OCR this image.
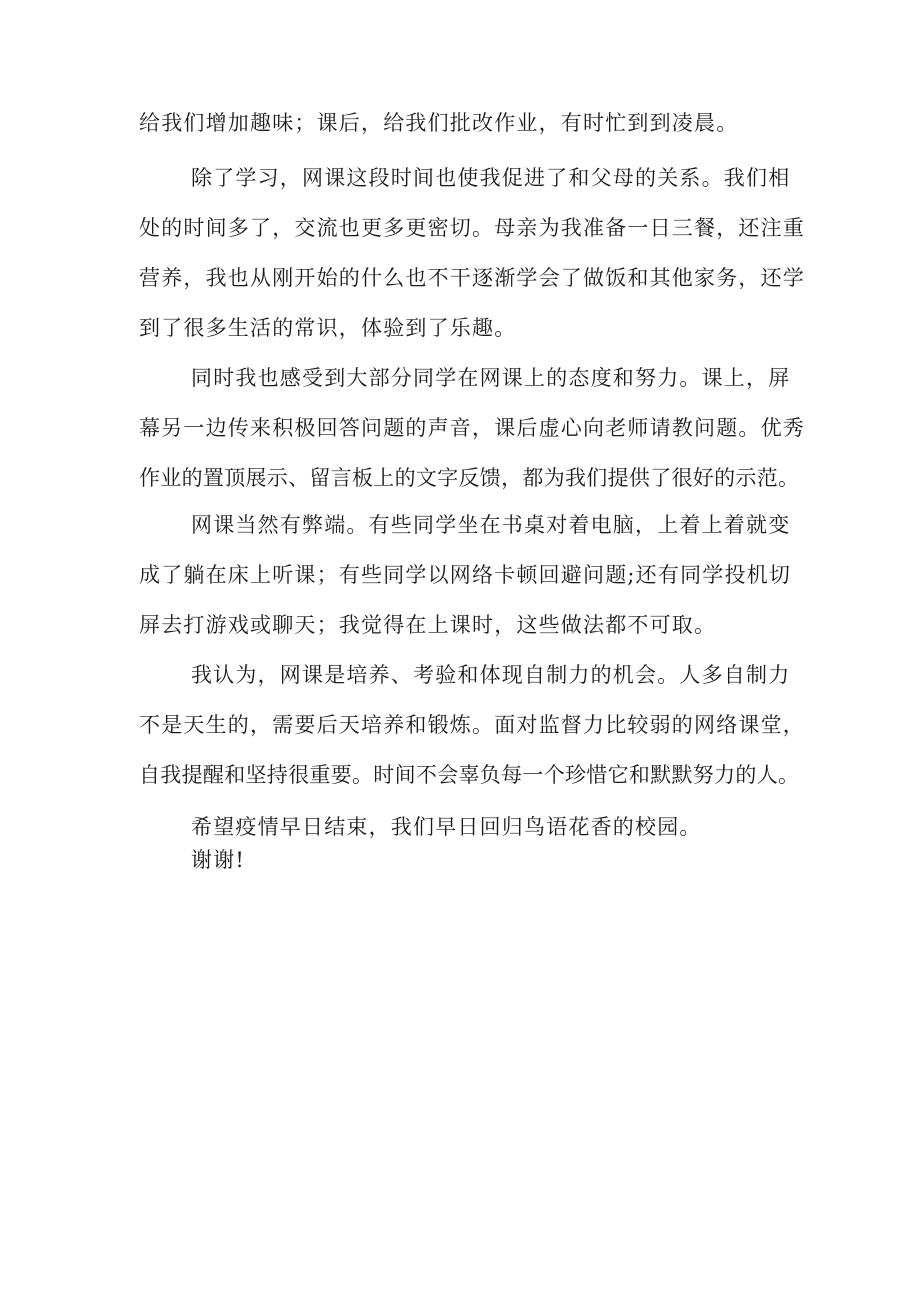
给我们增加趣味；课后，给我们批改作业，有时忙到到凌晨。
除了学习，网课这段时间也使我促进了和父母的关系。我们相
处的时间多了，交流也更多更密切。母亲为我准备一日三餐，还注重
营养，我也从刚开始的什么也不干逐渐学会了做饭和其他家务，还学
到了很多生活的常识，体验到了乐趣。
同时我也感受到大部分同学在网课上的态度和努力。课上，屏
幕另一边传来积极回答问题的声音，课后虚心向老师请教问题。优秀
作业的置顶展示、留言板上的文字反馈，都为我们提供了很好的示范。
网课当然有弊端。有些同学坐在书桌对着电脑，上着上着就变
成了躺在床上听课；有些同学以网络卡顿回避问题;还有同学投机切
屏去打游戏或聊天；我觉得在上课时，这些做法都不可取。
我认为，网课是培养、考验和体现自制力的机会。人多自制力
不是天生的，需要后天培养和锻炼。面对监督力比较弱的网络课堂，
自我提醒和坚持很重要。时间不会辜负每一个珍惜它和默默努力的人。
希望疫情早日结束，我们早日回归鸟语花香的校园。
谢谢!
